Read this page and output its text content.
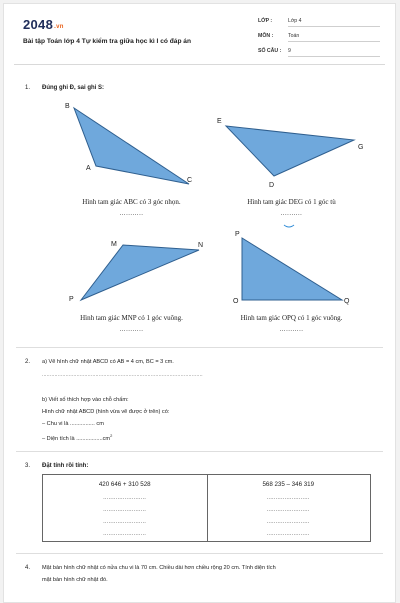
2048.vn
Bài tập Toán lớp 4 Tự kiểm tra giữa học kì I có đáp án
LỚP :	Lớp 4
MÔN :	Toán
SỐ CÂU : 9
1. Đúng ghi Đ, sai ghi S:
B
A
C
Hình tam giác ABC có 3 góc nhọn.
...........
E
G
D
Hình tam giác DEG có 1 góc tù
..........
M	N
P
Hình tam giác MNP có 1 góc vuông.
...........
P
O	Q
Hình tam giác OPQ có 1 góc vuông.
...........
2. a) Vẽ hình chữ nhật ABCD có AB = 4 cm, BC = 3 cm.
......................................................................................................
b) Viết số thích hợp vào chỗ chấm:
Hình chữ nhật ABCD (hình vừa vẽ được ở trên) có:
– Chu vi là ................ cm
– Diện tích là $.................cm^2$
3. Đặt tính rồi tính:
420 646 + 310 528
........................
........................
........................
........................
568 235 – 346 319
........................
........................
........................
........................
4. Mặt bàn hình chữ nhật có nửa chu vi là 70 cm. Chiều dài hơn chiều rộng 20 cm. Tính diện tích
mặt bàn hình chữ nhật đó.
